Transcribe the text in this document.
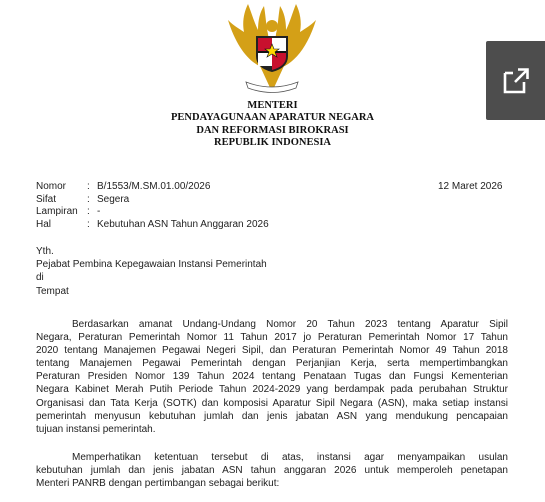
MENTERI
PENDAYAGUNAAN APARATUR NEGARA
DAN REFORMASI BIROKRASI
REPUBLIK INDONESIA
Nomor	: B/1553/M.SM.01.00/2026
Sifat	: Segera
Lampiran : -
Hal	: Kebutuhan ASN Tahun Anggaran 2026
12 Maret 2026
Yth.
Pejabat Pembina Kepegawaian Instansi Pemerintah
di
Tempat
Berdasarkan amanat Undang-Undang Nomor 20 Tahun 2023 tentang Aparatur Sipil
Negara, Peraturan Pemerintah Nomor 11 Tahun 2017 jo Peraturan Pemerintah Nomor 17 Tahun
2020 tentang Manajemen Pegawai Negeri Sipil, dan Peraturan Pemerintah Nomor 49 Tahun 2018
tentang Manajemen Pegawai Pemerintah dengan Perjanjian Kerja, serta mempertimbangkan
Peraturan Presiden Nomor 139 Tahun 2024 tentang Penataan Tugas dan Fungsi Kementerian
Negara Kabinet Merah Putih Periode Tahun 2024-2029 yang berdampak pada perubahan Struktur
Organisasi dan Tata Kerja (SOTK) dan komposisi Aparatur Sipil Negara (ASN), maka setiap instansi
pemerintah menyusun kebutuhan jumlah dan jenis jabatan ASN yang mendukung pencapaian
tujuan instansi pemerintah.
Memperhatikan ketentuan tersebut di atas, instansi agar menyampaikan usulan
kebutuhan jumlah dan jenis jabatan ASN tahun anggaran 2026 untuk memperoleh penetapan
Menteri PANRB dengan pertimbangan sebagai berikut:
